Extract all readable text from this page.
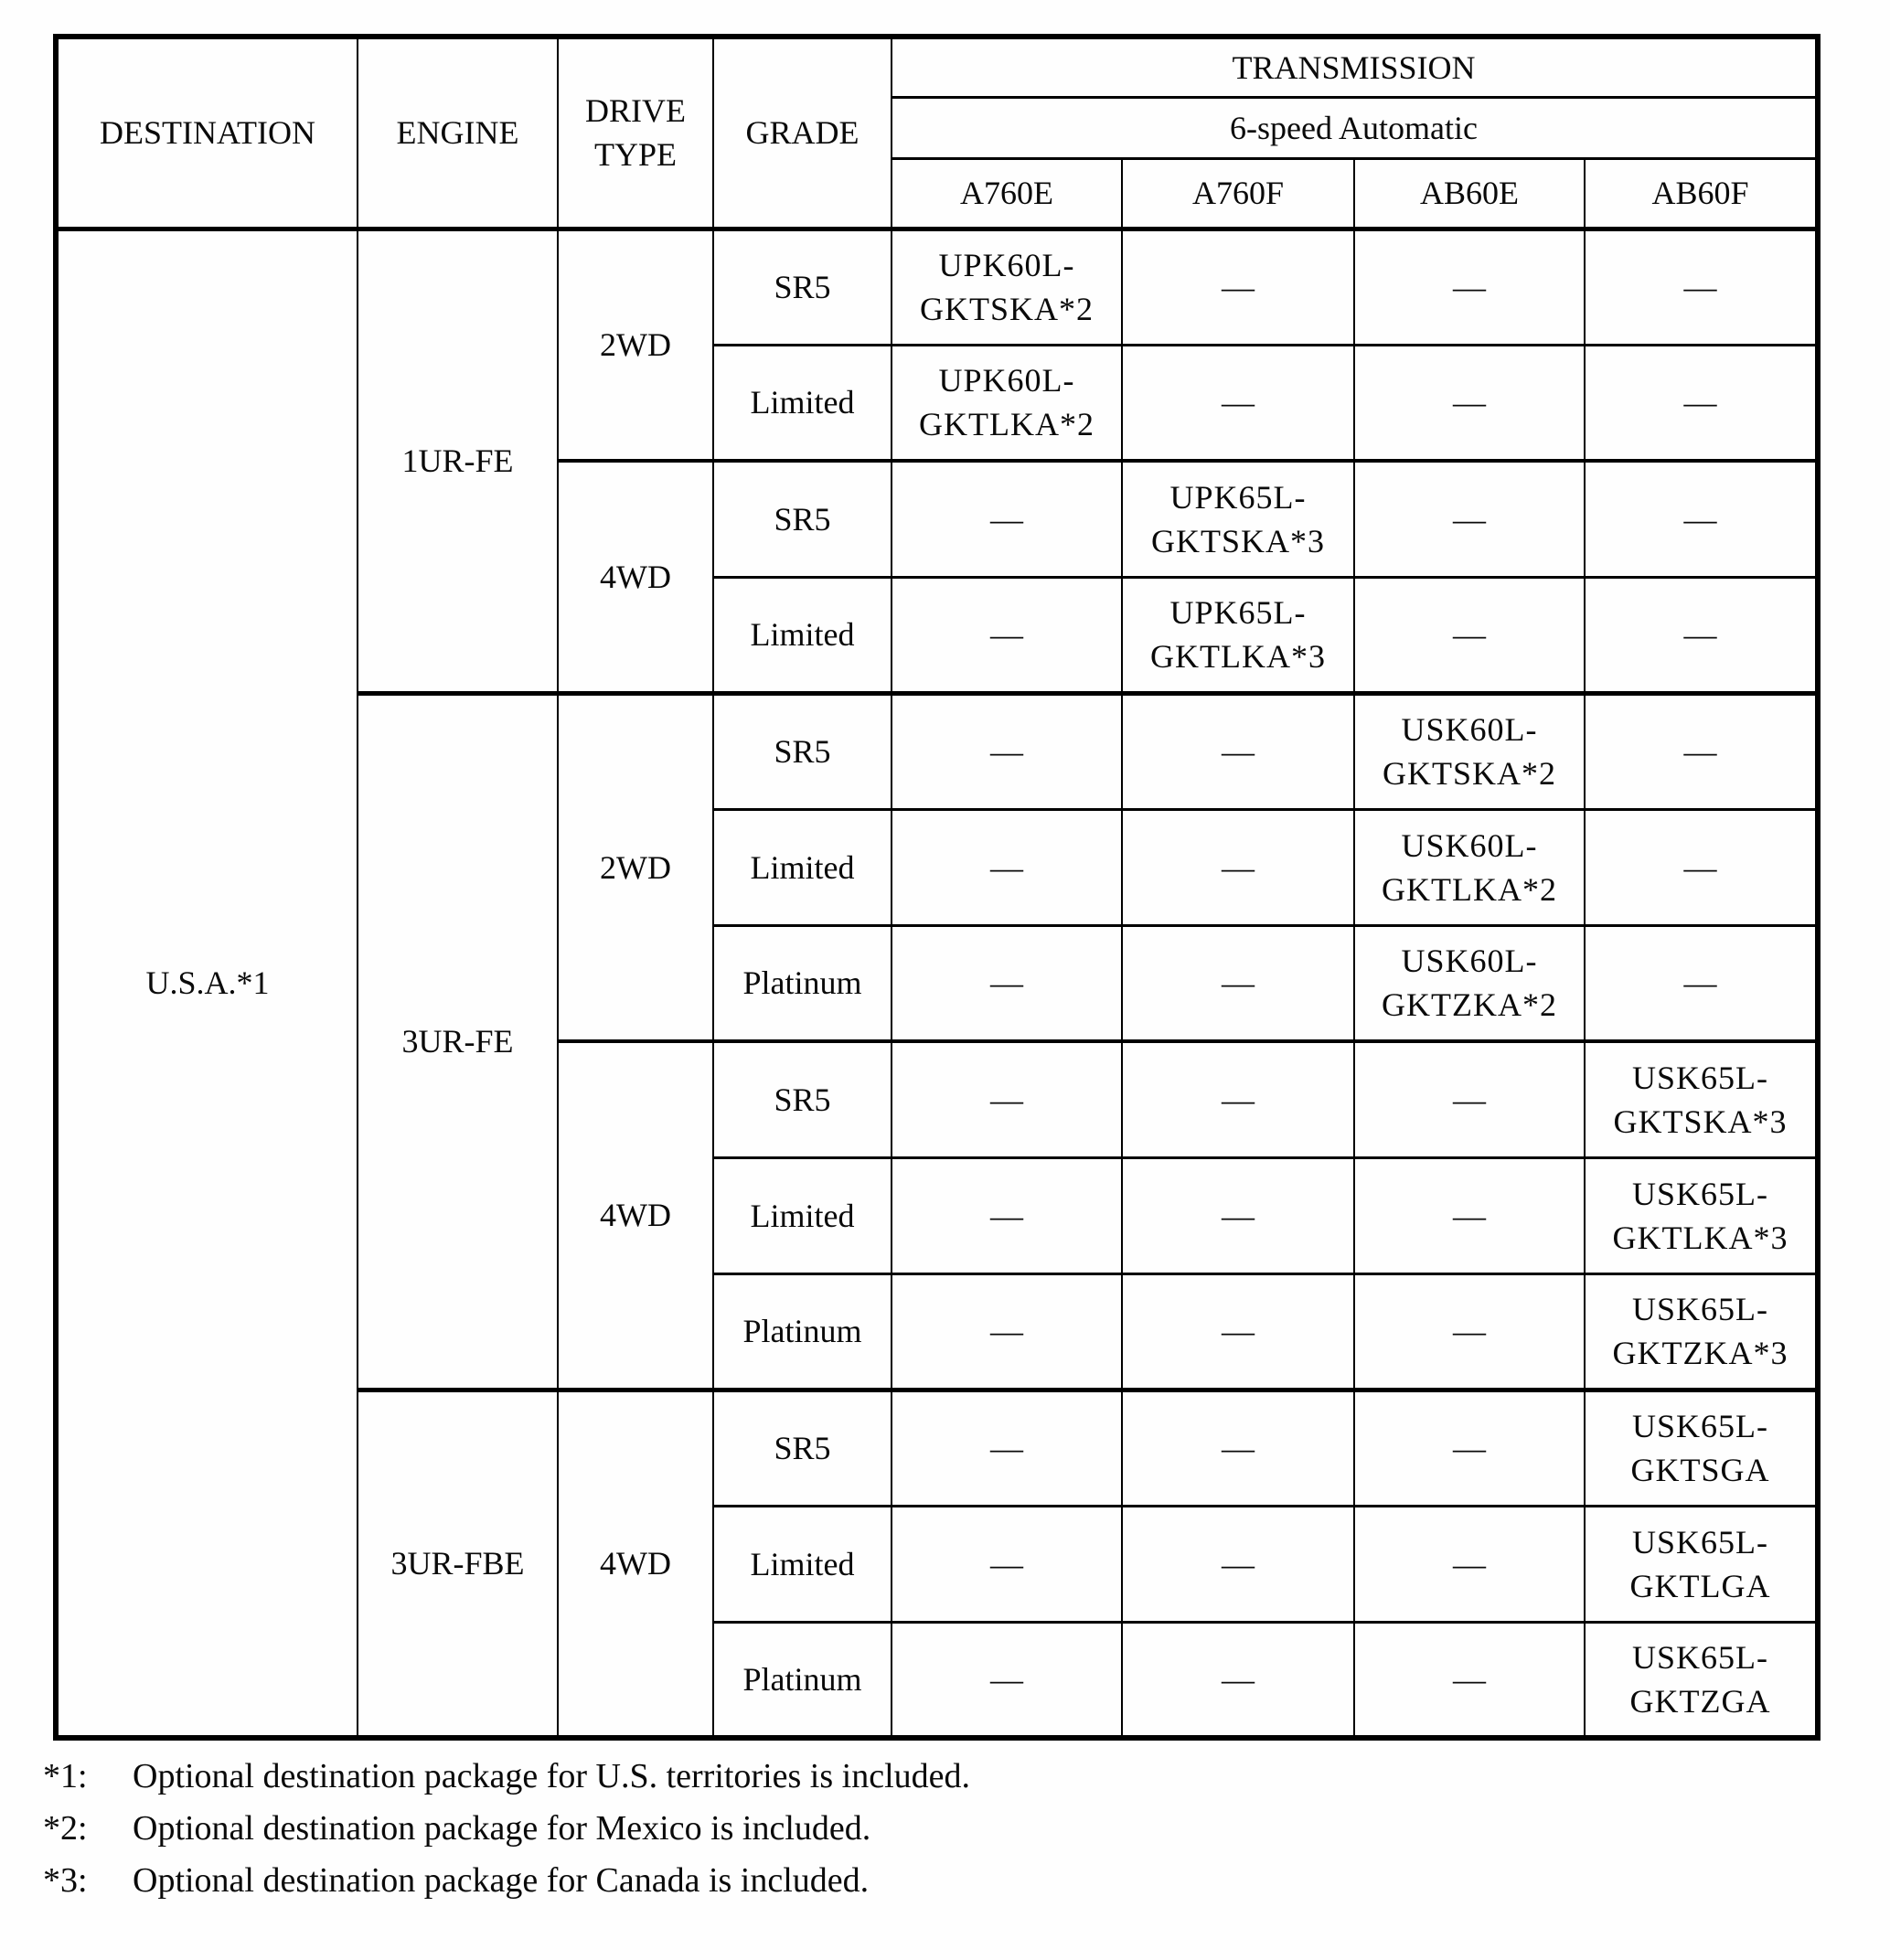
DESTINATION	ENGINE	DRIVE TYPE	GRADE	TRANSMISSION			
				6-speed Automatic			
				A760E	A760F	AB60E	AB60F
U.S.A.*1	1UR-FE	2WD	SR5	UPK60L-GKTSKA*2	—	—	—
			Limited	UPK60L-GKTLKA*2	—	—	—
		4WD	SR5	—	UPK65L-GKTSKA*3	—	—
			Limited	—	UPK65L-GKTLKA*3	—	—
	3UR-FE	2WD	SR5	—	—	USK60L-GKTSKA*2	—
			Limited	—	—	USK60L-GKTLKA*2	—
			Platinum	—	—	USK60L-GKTZKA*2	—
		4WD	SR5	—	—	—	USK65L-GKTSKA*3
			Limited	—	—	—	USK65L-GKTLKA*3
			Platinum	—	—	—	USK65L-GKTZKA*3
	3UR-FBE	4WD	SR5	—	—	—	USK65L-GKTSGA
			Limited	—	—	—	USK65L-GKTLGA
			Platinum	—	—	—	USK65L-GKTZGA
*1:	Optional destination package for U.S. territories is included.
*2:	Optional destination package for Mexico is included.
*3:	Optional destination package for Canada is included.
